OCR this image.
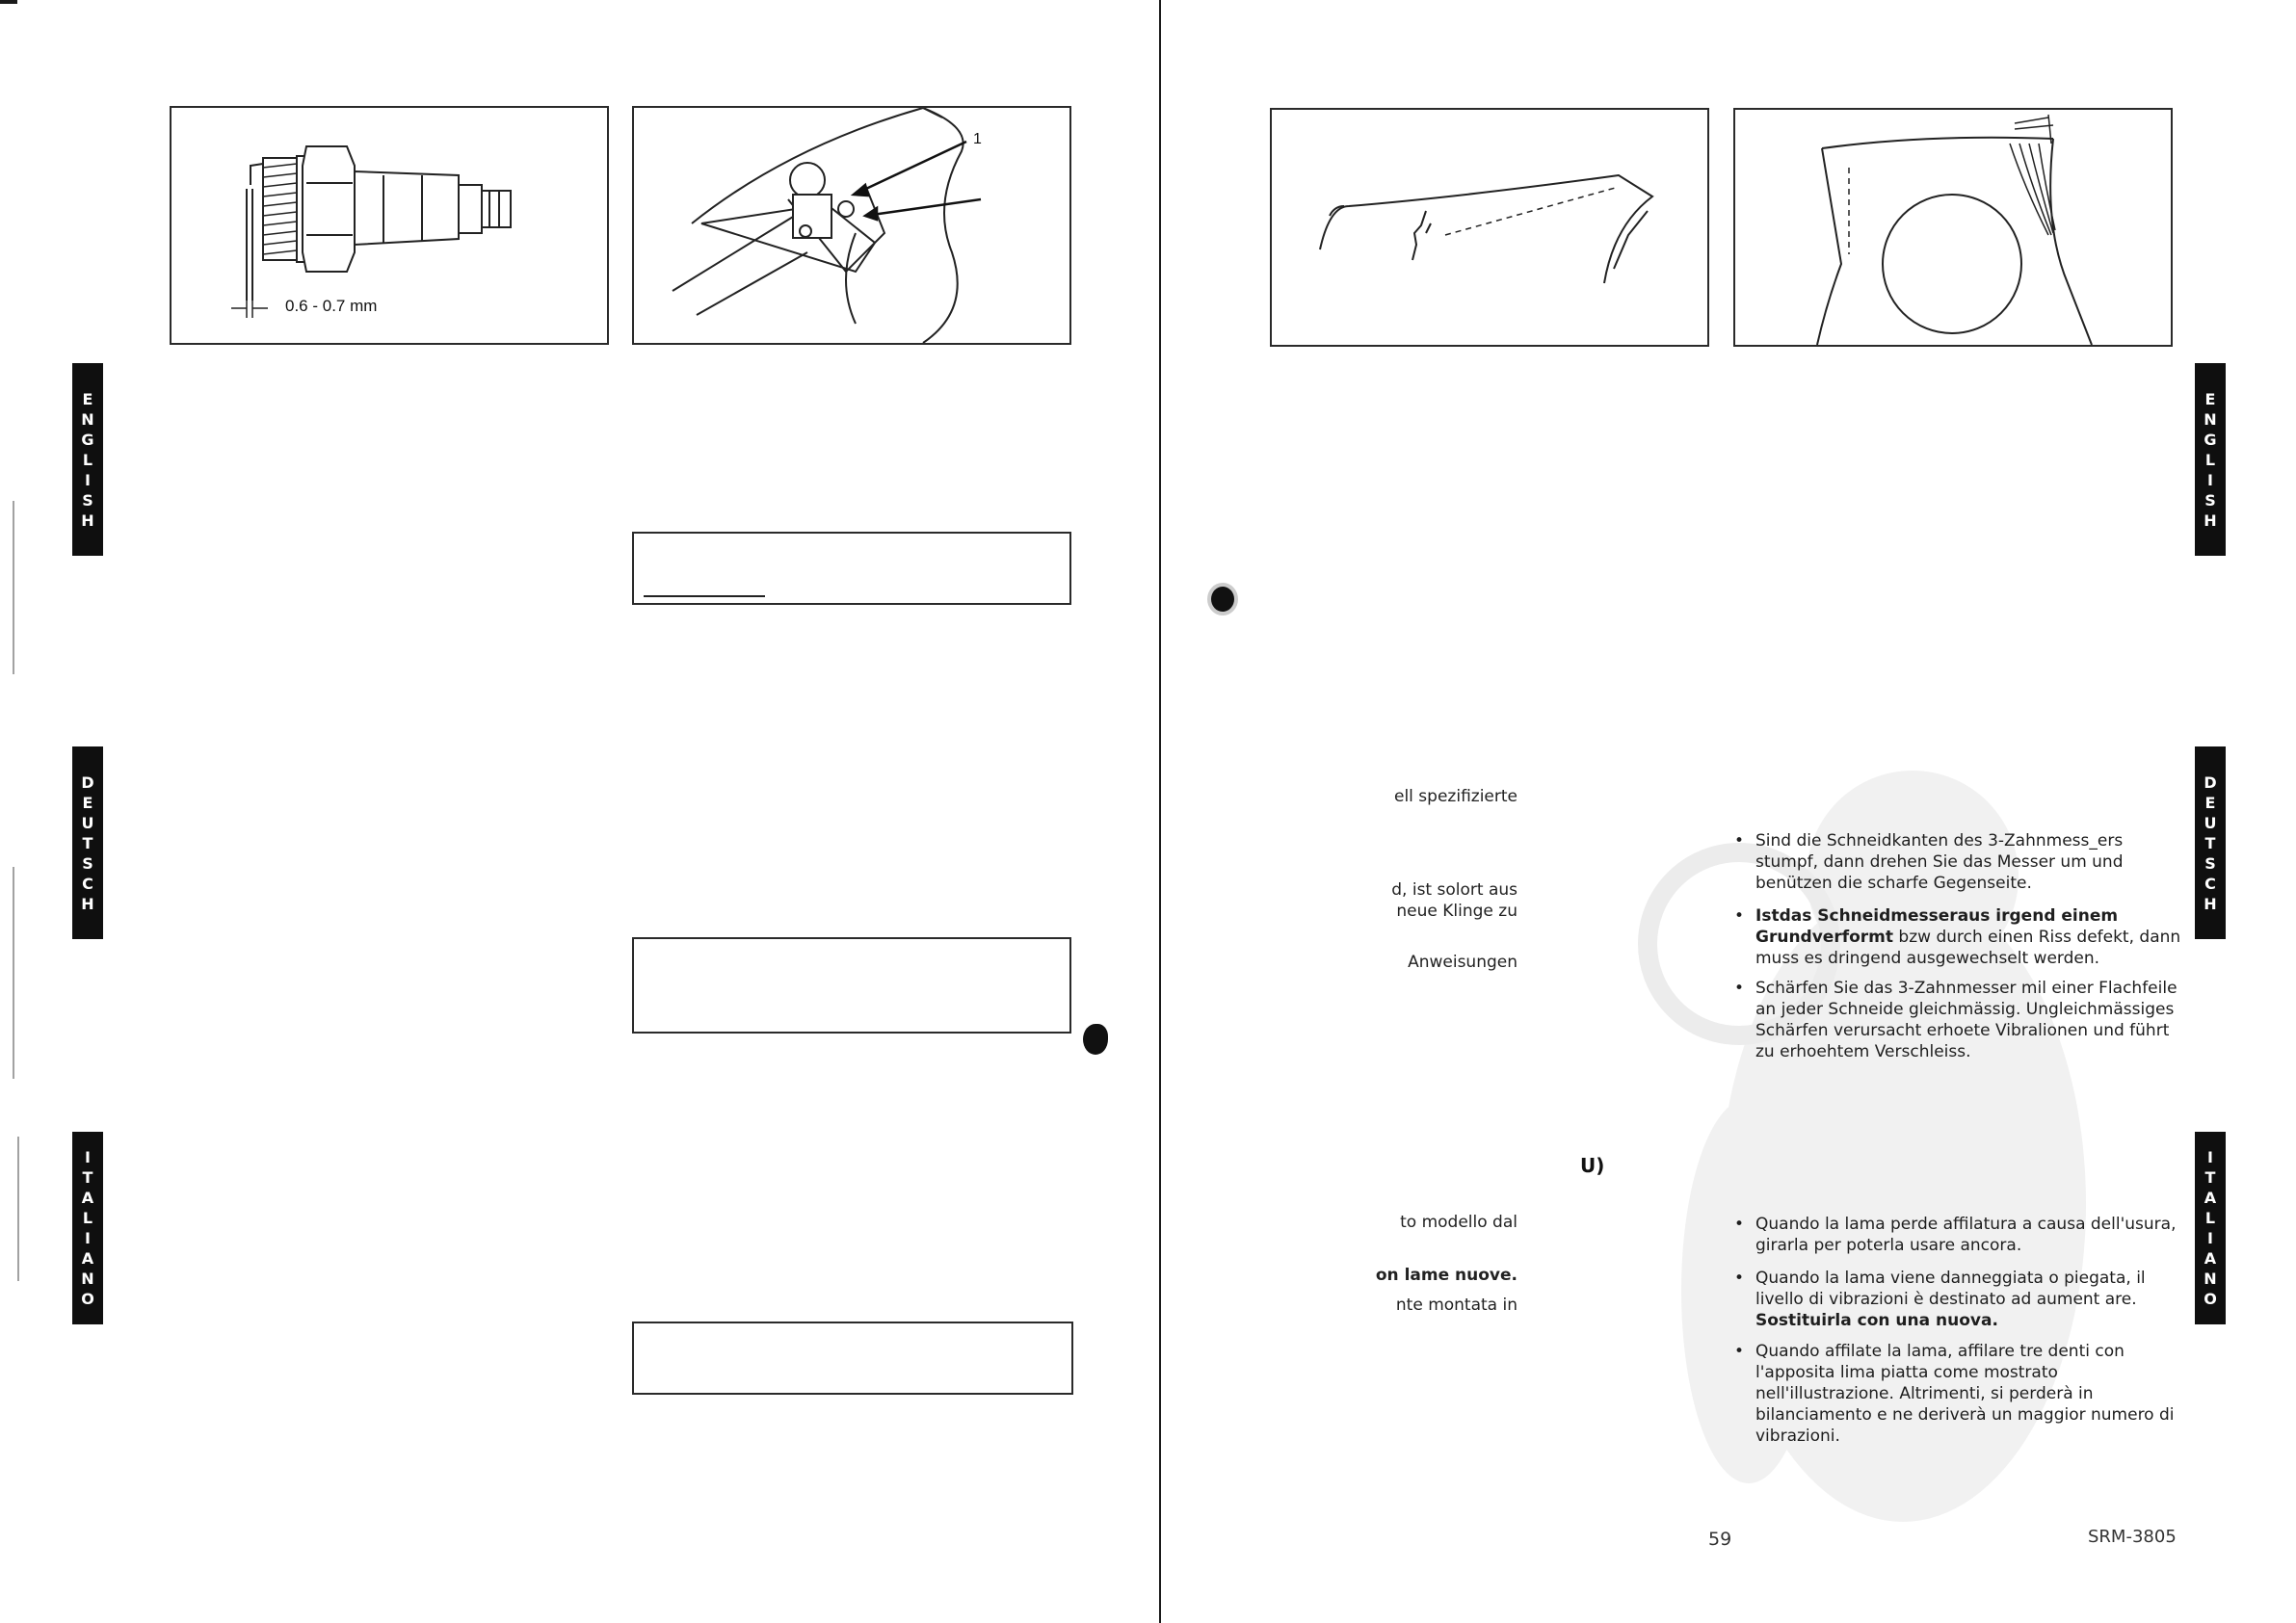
0.6 - 0.7 mm
1
E
N
G
L
I
S
H
D
E
U
T
S
C
H
I
T
A
L
I
A
N
O
ell spezifizierte
d, ist solort aus
neue Klinge zu
Anweisungen
• Sind die Schneidkanten des 3-Zahnmess_ers stumpf, dann drehen Sie das Messer um und benützen die scharfe Gegenseite.
• Istdas Schneidmesseraus irgend einem Grundverformt bzw durch einen Riss defekt, dann muss es dringend ausgewechselt werden.
• Schärfen Sie das 3-Zahnmesser mil einer Flachfeile an jeder Schneide gleichmässig. Ungleichmässiges Schärfen verursacht erhoete Vibralionen und führt zu erhoehtem Verschleiss.
U)
to modello dal
on lame nuove.
nte montata in
• Quando la lama perde affilatura a causa dell'usura, girarla per poterla usare ancora.
• Quando la lama viene danneggiata o piegata, il livello di vibrazioni è destinato ad aument are. Sostituirla con una nuova.
• Quando affilate la lama, affilare tre denti con l'apposita lima piatta come mostrato nell'illustrazione. Altrimenti, si perderà in bilanciamento e ne deriverà un maggior numero di vibrazioni.
59	SRM-3805
E
N
G
L
I
S
H
D
E
U
T
S
C
H
I
T
A
L
I
A
N
O
